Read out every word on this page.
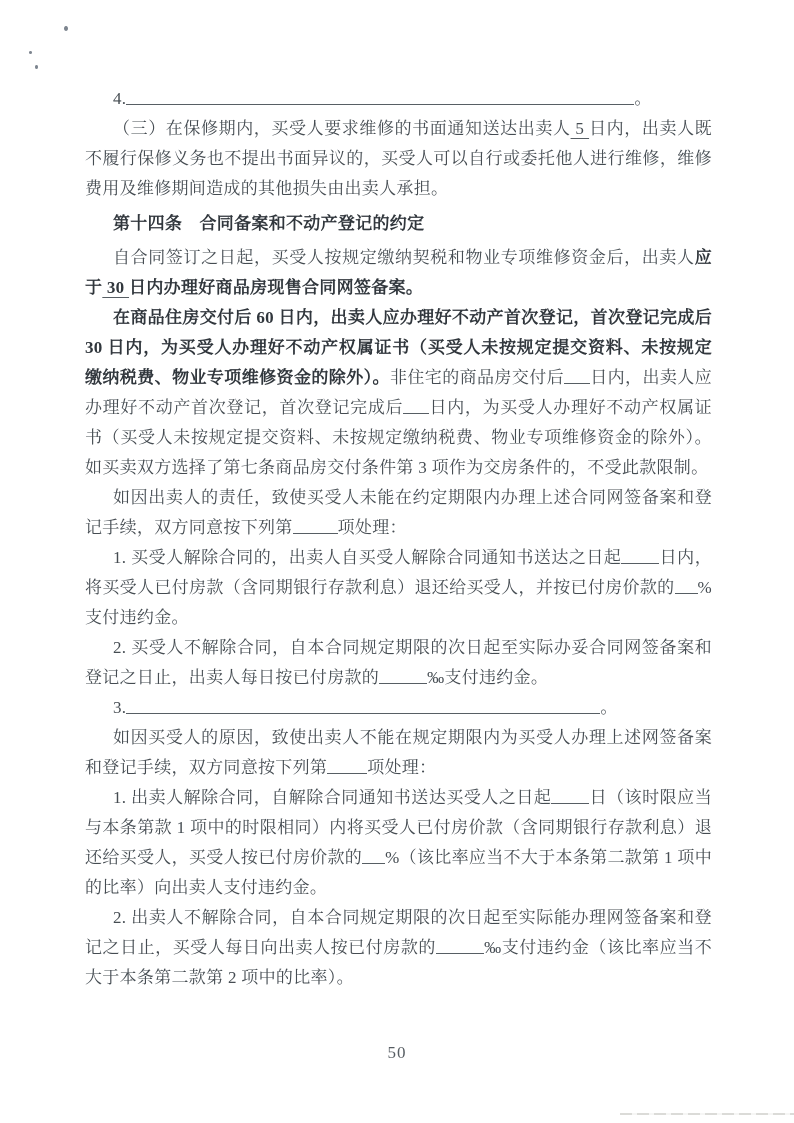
4.	。

（三）在保修期内，买受人要求维修的书面通知送达出卖人 5 日内，出卖人既不履行保修义务也不提出书面异议的，买受人可以自行或委托他人进行维修，维修费用及维修期间造成的其他损失由出卖人承担。

第十四条　合同备案和不动产登记的约定

自合同签订之日起，买受人按规定缴纳契税和物业专项维修资金后，出卖人应于 30 日内办理好商品房现售合同网签备案。

在商品住房交付后 60 日内，出卖人应办理好不动产首次登记，首次登记完成后 30 日内，为买受人办理好不动产权属证书（买受人未按规定提交资料、未按规定缴纳税费、物业专项维修资金的除外）。非住宅的商品房交付后 日内，出卖人应办理好不动产首次登记，首次登记完成后 日内，为买受人办理好不动产权属证书（买受人未按规定提交资料、未按规定缴纳税费、物业专项维修资金的除外）。如买卖双方选择了第七条商品房交付条件第 3 项作为交房条件的，不受此款限制。

如因出卖人的责任，致使买受人未能在约定期限内办理上述合同网签备案和登记手续，双方同意按下列第	项处理：

1. 买受人解除合同的，出卖人自买受人解除合同通知书送达之日起 日内，将买受人已付房款（含同期银行存款利息）退还给买受人，并按已付房价款的 %支付违约金。

2. 买受人不解除合同，自本合同规定期限的次日起至实际办妥合同网签备案和登记之日止，出卖人每日按已付房款的	‰支付违约金。

3.	。

如因买受人的原因，致使出卖人不能在规定期限内为买受人办理上述网签备案和登记手续，双方同意按下列第 项处理：

1. 出卖人解除合同，自解除合同通知书送达买受人之日起 日（该时限应当与本条第款 1 项中的时限相同）内将买受人已付房价款（含同期银行存款利息）退还给买受人，买受人按已付房价款的 %（该比率应当不大于本条第二款第 1 项中的比率）向出卖人支付违约金。

2. 出卖人不解除合同，自本合同规定期限的次日起至实际能办理网签备案和登记之日止，买受人每日向出卖人按已付房款的	‰支付违约金（该比率应当不大于本条第二款第 2 项中的比率）。

50
